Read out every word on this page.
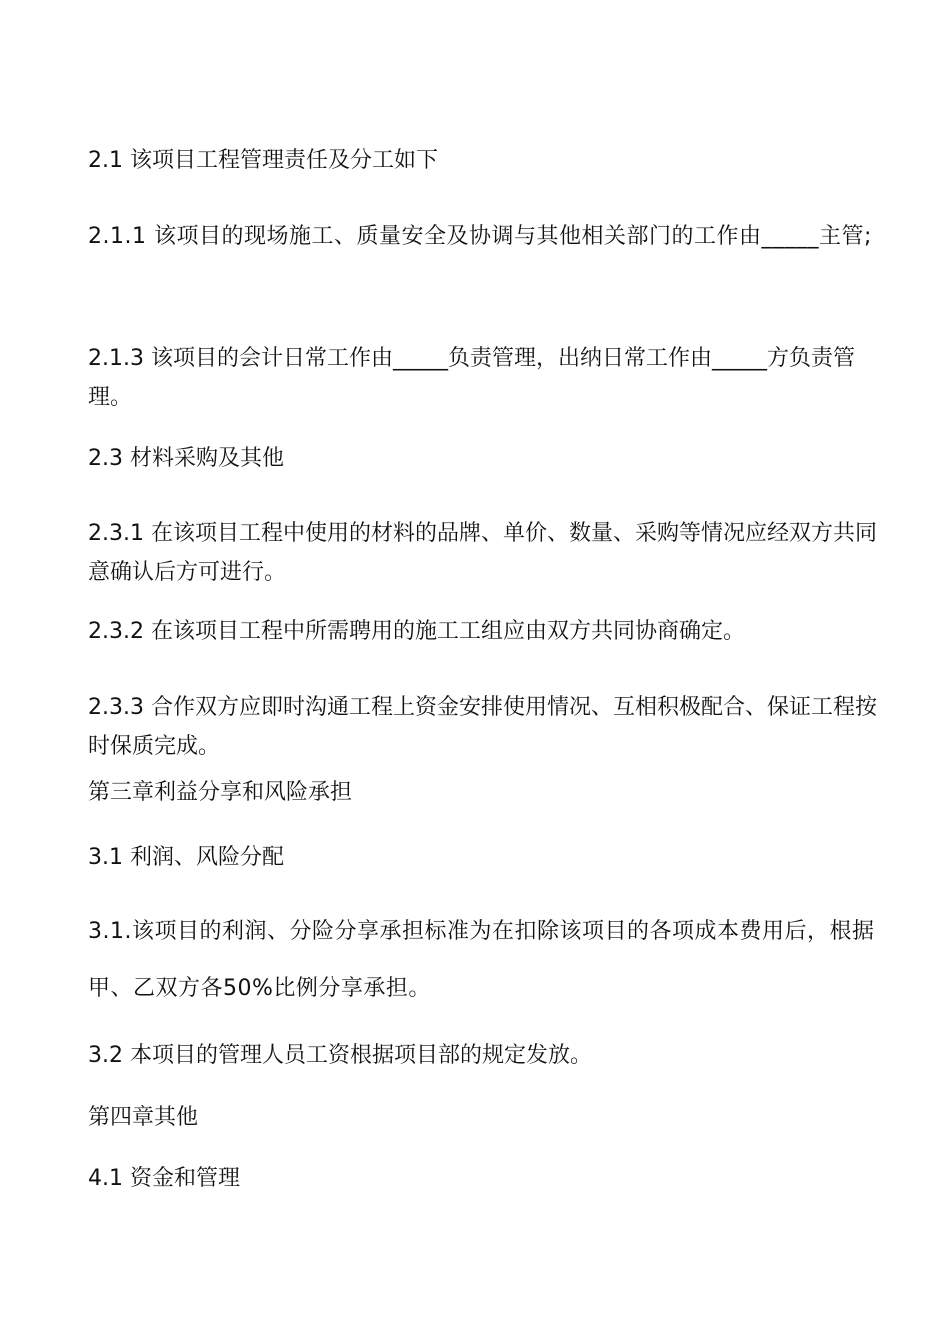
2.1 该项目工程管理责任及分工如下

2.1.1 该项目的现场施工、质量安全及协调与其他相关部门的工作由_____主管;

2.1.3 该项目的会计日常工作由_____负责管理，出纳日常工作由_____方负责管理。

2.3 材料采购及其他

2.3.1 在该项目工程中使用的材料的品牌、单价、数量、采购等情况应经双方共同意确认后方可进行。

2.3.2 在该项目工程中所需聘用的施工工组应由双方共同协商确定。

2.3.3 合作双方应即时沟通工程上资金安排使用情况、互相积极配合、保证工程按时保质完成。

第三章利益分享和风险承担

3.1 利润、风险分配

3.1.该项目的利润、分险分享承担标准为在扣除该项目的各项成本费用后，根据甲、乙双方各50%比例分享承担。

3.2 本项目的管理人员工资根据项目部的规定发放。

第四章其他

4.1 资金和管理
